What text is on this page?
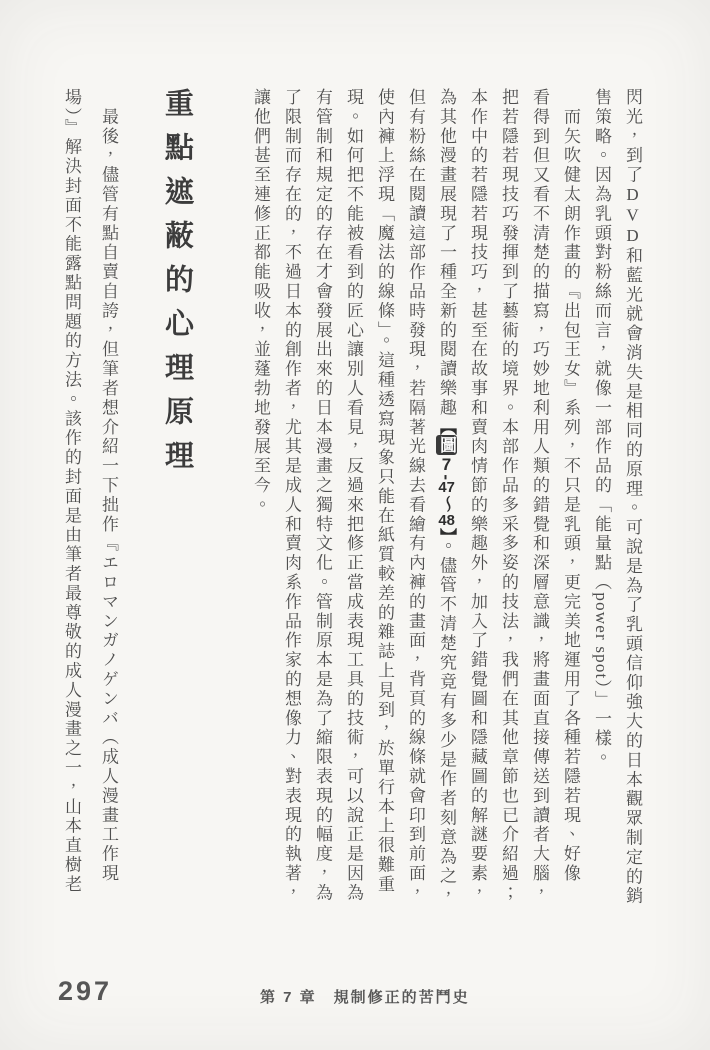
閃光，到了DVD和藍光就會消失是相同的原理。可說是為了乳頭信仰強大的日本觀眾制定的銷
售策略。因為乳頭對粉絲而言，就像一部作品的「能量點（power spot）」一樣。
　而矢吹健太朗作畫的『出包王女』系列，不只是乳頭，更完美地運用了各種若隱若現、好像
看得到但又看不清楚的描寫，巧妙地利用人類的錯覺和深層意識，將畫面直接傳送到讀者大腦，
把若隱若現技巧發揮到了藝術的境界。本部作品多采多姿的技法，我們在其他章節也已介紹過；
本作中的若隱若現技巧，甚至在故事和賣肉情節的樂趣外，加入了錯覺圖和隱藏圖的解謎要素，
為其他漫畫展現了一種全新的閱讀樂趣【圖7-47〜48】。儘管不清楚究竟有多少是作者刻意為之，
但有粉絲在閱讀這部作品時發現，若隔著光線去看繪有內褲的畫面，背頁的線條就會印到前面，
使內褲上浮現「魔法的線條」。這種透寫現象只能在紙質較差的雜誌上見到，於單行本上很難重
現。如何把不能被看到的匠心讓別人看見，反過來把修正當成表現工具的技術，可以說正是因為
有管制和規定的存在才會發展出來的日本漫畫之獨特文化。管制原本是為了縮限表現的幅度，為
了限制而存在的，不過日本的創作者，尤其是成人和賣肉系作品作家的想像力、對表現的執著，
讓他們甚至連修正都能吸收，並蓬勃地發展至今。
重點遮蔽的心理原理
　最後，儘管有點自賣自誇，但筆者想介紹一下拙作『エロマンガノゲンバ（成人漫畫工作現
場）』解決封面不能露點問題的方法。該作的封面是由筆者最尊敬的成人漫畫之一，山本直樹老
297	第 7 章　規制修正的苦鬥史
